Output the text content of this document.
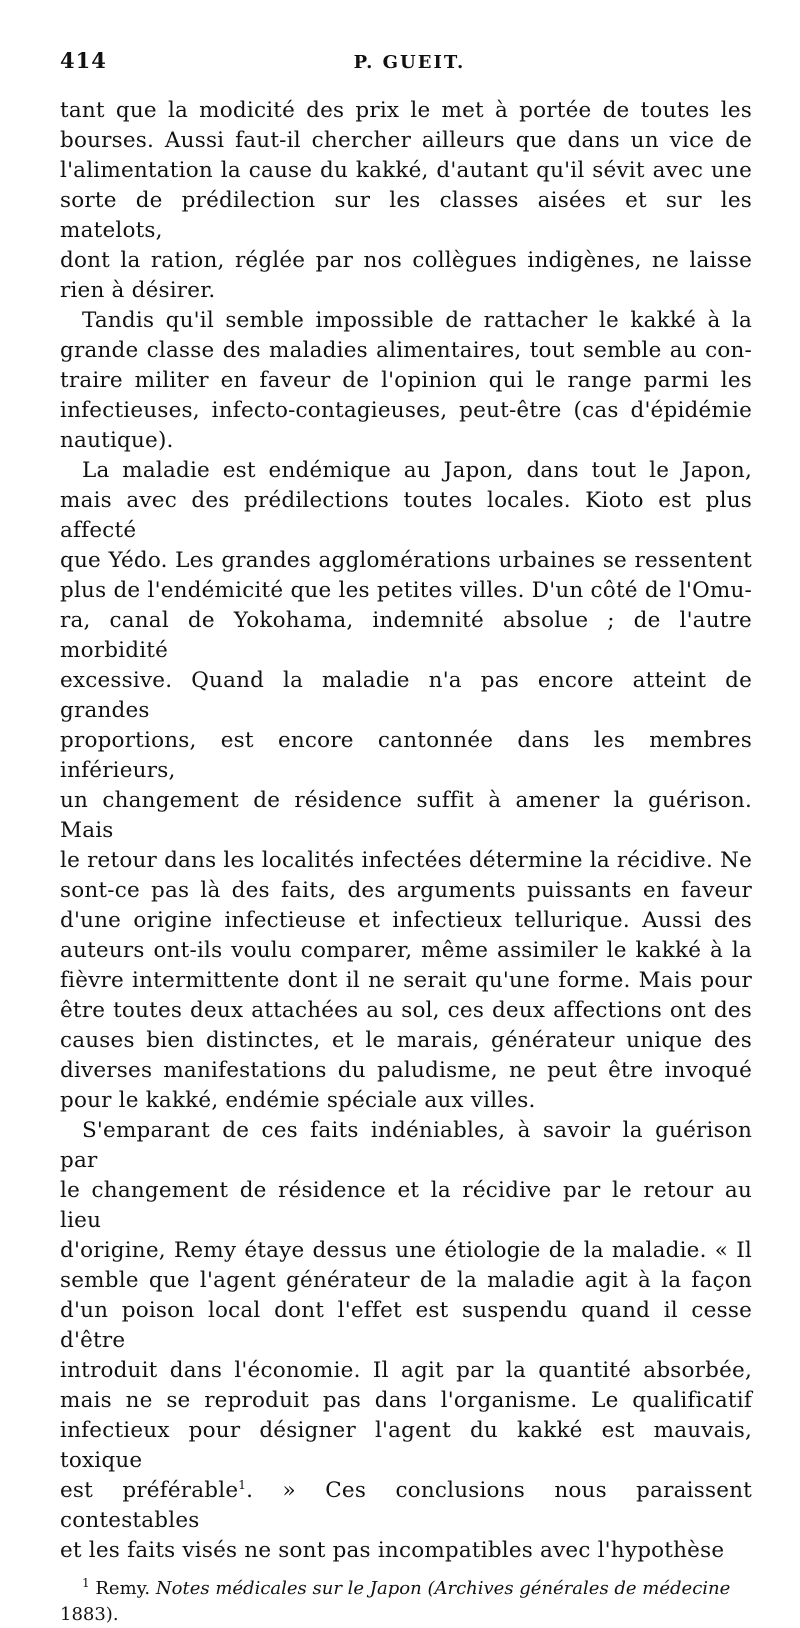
414	P. GUEIT.

tant que la modicité des prix le met à portée de toutes les
bourses. Aussi faut-il chercher ailleurs que dans un vice de
l'alimentation la cause du kakké, d'autant qu'il sévit avec une
sorte de prédilection sur les classes aisées et sur les matelots,
dont la ration, réglée par nos collègues indigènes, ne laisse
rien à désirer.

Tandis qu'il semble impossible de rattacher le kakké à la
grande classe des maladies alimentaires, tout semble au con-
traire militer en faveur de l'opinion qui le range parmi les
infectieuses, infecto-contagieuses, peut-être (cas d'épidémie
nautique).

La maladie est endémique au Japon, dans tout le Japon,
mais avec des prédilections toutes locales. Kioto est plus affecté
que Yédo. Les grandes agglomérations urbaines se ressentent
plus de l'endémicité que les petites villes. D'un côté de l'Omu-
ra, canal de Yokohama, indemnité absolue ; de l'autre morbidité
excessive. Quand la maladie n'a pas encore atteint de grandes
proportions, est encore cantonnée dans les membres inférieurs,
un changement de résidence suffit à amener la guérison. Mais
le retour dans les localités infectées détermine la récidive. Ne
sont-ce pas là des faits, des arguments puissants en faveur
d'une origine infectieuse et infectieux tellurique. Aussi des
auteurs ont-ils voulu comparer, même assimiler le kakké à la
fièvre intermittente dont il ne serait qu'une forme. Mais pour
être toutes deux attachées au sol, ces deux affections ont des
causes bien distinctes, et le marais, générateur unique des
diverses manifestations du paludisme, ne peut être invoqué
pour le kakké, endémie spéciale aux villes.

S'emparant de ces faits indéniables, à savoir la guérison par
le changement de résidence et la récidive par le retour au lieu
d'origine, Remy étaye dessus une étiologie de la maladie. « Il
semble que l'agent générateur de la maladie agit à la façon
d'un poison local dont l'effet est suspendu quand il cesse d'être
introduit dans l'économie. Il agit par la quantité absorbée,
mais ne se reproduit pas dans l'organisme. Le qualificatif
infectieux pour désigner l'agent du kakké est mauvais, toxique
est préférable$^1$. » Ces conclusions nous paraissent contestables
et les faits visés ne sont pas incompatibles avec l'hypothèse

$^1$ Remy. Notes médicales sur le Japon (Archives générales de médecine
1883).
